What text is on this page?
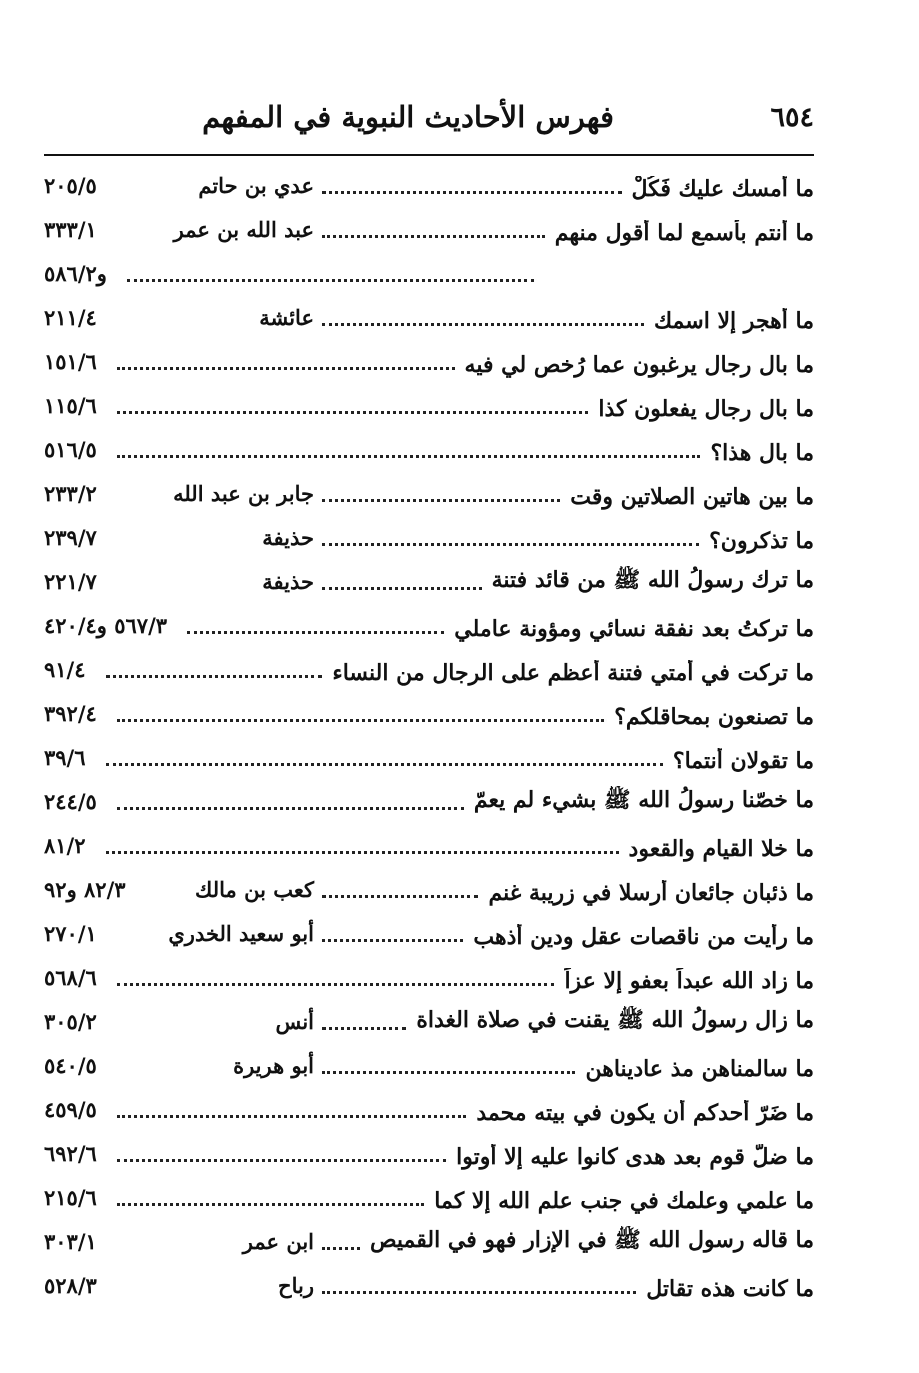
٦٥٤
فهرس الأحاديث النبوية في المفهم
ما أمسك عليك فَكُلْ
عدي بن حاتم
٢٠٥/٥
ما أنتم بأسمع لما أقول منهم
عبد الله بن عمر
٣٣٣/١
و٥٨٦/٢
ما أهجر إلا اسمك
عائشة
٢١١/٤
ما بال رجال يرغبون عما رُخص لي فيه
١٥١/٦
ما بال رجال يفعلون كذا
١١٥/٦
ما بال هذا؟
٥١٦/٥
ما بين هاتين الصلاتين وقت
جابر بن عبد الله
٢٣٣/٢
ما تذكرون؟
حذيفة
٢٣٩/٧
ما ترك رسولُ الله ﷺ من قائد فتنة
حذيفة
٢٢١/٧
ما تركتُ بعد نفقة نسائي ومؤونة عاملي
٥٦٧/٣ و٤٢٠/٤
ما تركت في أمتي فتنة أعظم على الرجال من النساء
٩١/٤
ما تصنعون بمحاقلكم؟
٣٩٢/٤
ما تقولان أنتما؟
٣٩/٦
ما خصّنا رسولُ الله ﷺ بشيء لم يعمّ
٢٤٤/٥
ما خلا القيام والقعود
٨١/٢
ما ذئبان جائعان أُرسلا في زريبة غنم
كعب بن مالك
٨٢/٣ و٩٢
ما رأيت من ناقصات عقل ودين أذهب
أبو سعيد الخدري
٢٧٠/١
ما زاد الله عبداً بعفو إلا عزاً
٥٦٨/٦
ما زال رسولُ الله ﷺ يقنت في صلاة الغداة
أنس
٣٠٥/٢
ما سالمناهن مذ عاديناهن
أبو هريرة
٥٤٠/٥
ما ضَرّ أحدكم أن يكون في بيته محمد
٤٥٩/٥
ما ضلّ قوم بعد هدى كانوا عليه إلا أوتوا
٦٩٢/٦
ما علمي وعلمك في جنب علم الله إلا كما
٢١٥/٦
ما قاله رسول الله ﷺ في الإزار فهو في القميص
ابن عمر
٣٠٣/١
ما كانت هذه تقاتل
رباح
٥٢٨/٣
